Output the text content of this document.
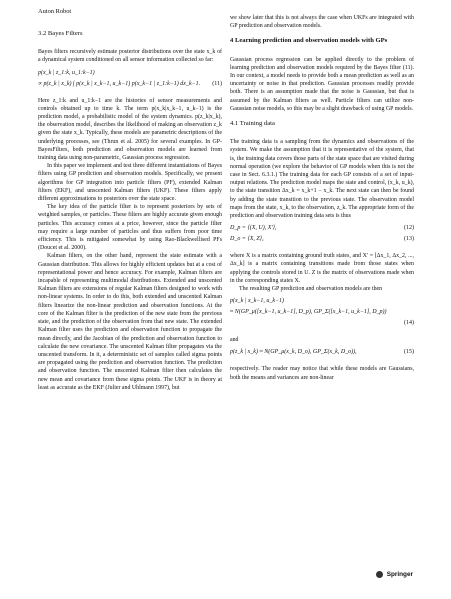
Auton Robot
3.2 Bayes Filters

Bayes filters recursively estimate posterior distributions over the state x_k of a dynamical system conditioned on all sensor information collected so far:

p(x_k | z_1:k, u_1:k−1)
∝ p(z_k | x_k) ∫ p(x_k | x_k−1, u_k−1) p(x_k−1 | z_1:k−1) dx_k−1. (11)

Here z_1:k and u_1:k−1 are the histories of sensor measurements and controls obtained up to time k. The term p(x_k|x_k−1, u_k−1) is the prediction model, a probabilistic model of the system dynamics. p(z_k|x_k), the observation model, describes the likelihood of making an observation z_k given the state x_k. Typically, these models are parametric descriptions of the underlying processes, see (Thrun et al. 2005) for several examples. In GP-BayesFilters, both prediction and observation models are learned from training data using non-parametric, Gaussian process regression.

In this paper we implement and test three different instantiations of Bayes filters using GP prediction and observation models. Specifically, we present algorithms for GP integration into particle filters (PF), extended Kalman filters (EKF), and unscented Kalman filters (UKF). These filters apply different approximations to posteriors over the state space.

The key idea of the particle filter is to represent posteriors by sets of weighted samples, or particles. These filters are highly accurate given enough particles. This accuracy comes at a price, however, since the particle filter may require a large number of particles and thus suffers from poor time efficiency. This is mitigated somewhat by using Rao-Blackwellised PFs (Doucet et al. 2000).

Kalman filters, on the other hand, represent the state estimate with a Gaussian distribution. This allows for highly efficient updates but at a cost of representational power and hence accuracy. For example, Kalman filters are incapable of representing multimodal distributions. Extended and unscented Kalman filters are extensions of regular Kalman filters designed to work with non-linear systems. In order to do this, both extended and unscented Kalman filters linearize the non-linear prediction and observation functions. At the core of the Kalman filter is the prediction of the new state from the previous state, and the prediction of the observation from that new state. The extended Kalman filter uses the prediction and observation function to propagate the mean directly, and the Jacobian of the prediction and observation function to calculate the new covariance. The unscented Kalman filter propagates via the unscented transform. In it, a deterministic set of samples called sigma points are propagated using the prediction and observation function. The prediction and observation function. The unscented Kalman filter then calculates the new mean and covariance from these sigma points. The UKF is in theory at least as accurate as the EKF (Julier and Uhlmann 1997), but

we show later that this is not always the case when UKFs are integrated with GP prediction and observation models.

4 Learning prediction and observation models with GPs

Gaussian process regression can be applied directly to the problem of learning prediction and observation models required by the Bayes filter (11). In our context, a model needs to provide both a mean prediction as well as an uncertainty or noise in that prediction. Gaussian processes readily provide both. There is an assumption made that the noise is Gaussian, but that is assumed by the Kalman filters as well. Particle filters can utilize non-Gaussian noise models, so this may be a slight drawback of using GP models.

4.1 Training data

The training data is a sampling from the dynamics and observations of the system. We make the assumption that it is representative of the system, that is, the training data covers those parts of the state space that are visited during normal operation (we explore the behavior of GP models when this is not the case in Sect. 6.3.1.) The training data for each GP consists of a set of input-output relations. The prediction model maps the state and control, (x_k, u_k), to the state transition Δx_k = x_k+1 − x_k. The next state can then be found by adding the state transition to the previous state. The observation model maps from the state, x_k, to the observation, z_k. The appropriate form of the prediction and observation training data sets is thus

D_p = ⟨(X, U), X′⟩,	(12)
D_o = ⟨X, Z⟩,	(13)

where X is a matrix containing ground truth states, and X′ = [Δx_1, Δx_2, ..., Δx_k] is a matrix containing transitions made from those states when applying the controls stored in U. Z is the matrix of observations made when in the corresponding states X.

The resulting GP prediction and observation models are then

p(x_k | x_k−1, u_k−1)
≈ N(GP_μ([x_k−1, u_k−1], D_p), GP_Σ([x_k−1, u_k−1], D_p))
(14)

and

p(z_k | x_k) ≈ N(GP_μ(x_k, D_o), GP_Σ(x_k, D_o)),	(15)

respectively. The reader may notice that while these models are Gaussians, both the means and variances are non-linear

Springer
